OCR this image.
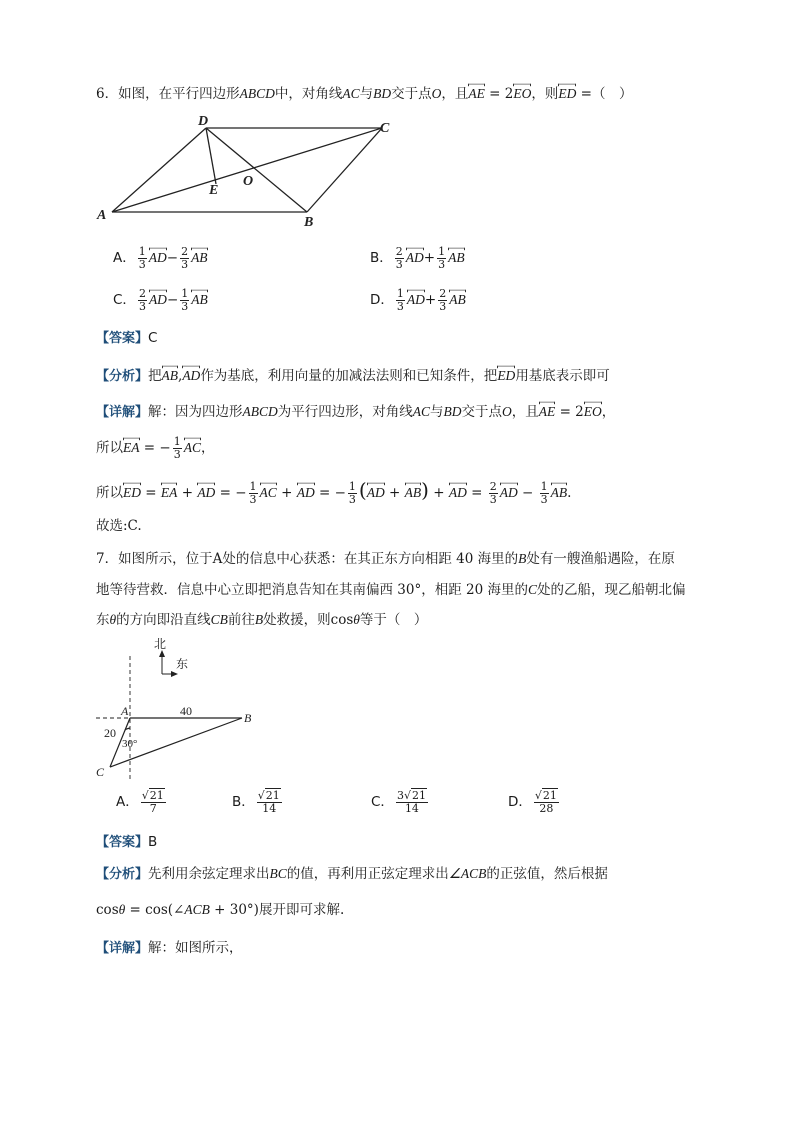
6．如图，在平行四边形ABCD中，对角线AC与BD交于点O，且AE = 2EO，则ED =（　）
D	C
A	B
E
O
A． $\frac{1}{3} AD- \frac{2}{3}$ AB	B． $\frac{2}{3} AD+ \frac{1}{3}$ AB
C． $\frac{2}{3} AD- \frac{1}{3}$ AB	D． $\frac{1}{3} AD+ \frac{2}{3}$ AB
【答案】C
【分析】把AB,AD作为基底，利用向量的加减法法则和已知条件，把ED用基底表示即可
【详解】解：因为四边形ABCD为平行四边形，对角线AC与BD交于点O，且AE = 2EO，
所以EA = − $\frac{1}{3}$ AC，
所以ED = EA + AD = − $\frac{1}{3}$ AC + AD = − $\frac{1}{3} (AD + AB)$ + AD = $\frac{2}{3}$ AD − $\frac{1}{3}$ AB.
故选:C.
7．如图所示，位于A处的信息中心获悉：在其正东方向相距 40 海里的B处有一艘渔船遇险，在原
地等待营救．信息中心立即把消息告知在其南偏西 30°，相距 20 海里的C处的乙船，现乙船朝北偏
东θ的方向即沿直线CB前往B处救援，则cosθ等于（　）
北
东
A	B
C
40
20
30°
A． $\frac{√21}{7}$	B． $\frac{√21}{14}$	C． $\frac{3√21}{14}$	D． $\frac{√21}{28}$
【答案】B
【分析】先利用余弦定理求出BC的值，再利用正弦定理求出∠ACB的正弦值，然后根据
cosθ = cos(∠ACB + 30°)展开即可求解.
【详解】解：如图所示，
